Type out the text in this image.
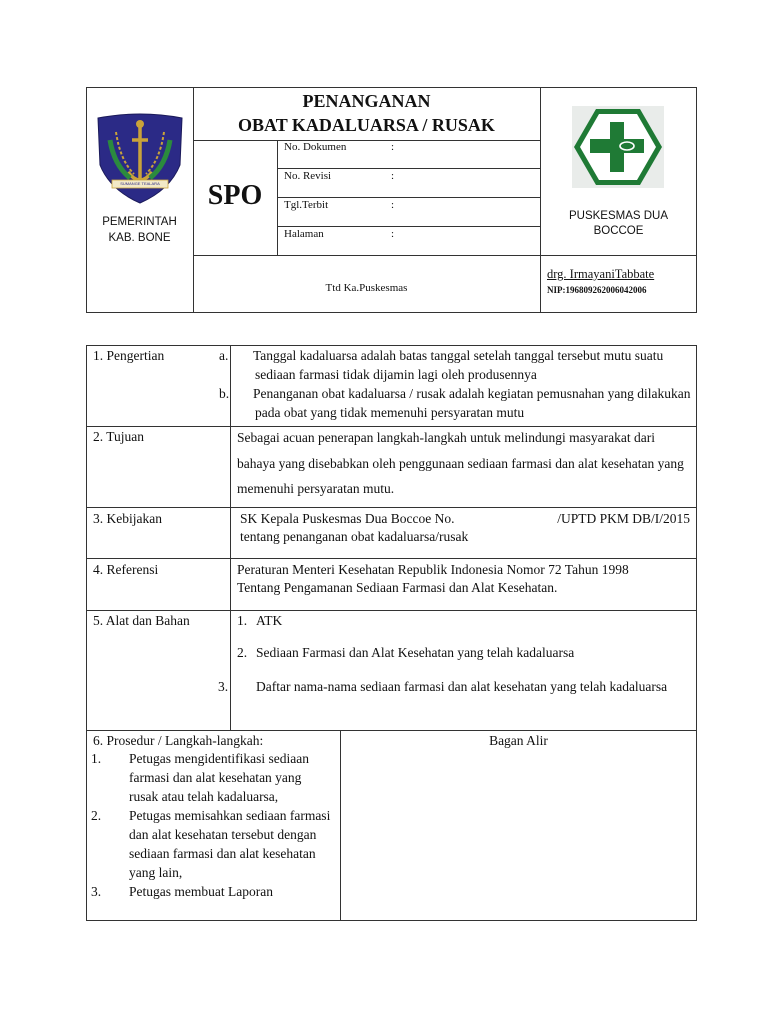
SUMANGE TEALARA
PEMERINTAH
KAB. BONE
PENANGANAN
OBAT KADALUARSA / RUSAK
SPO
No. Dokumen	:
No. Revisi	:
Tgl.Terbit	:
Halaman	:
PUSKESMAS DUA
BOCCOE
Ttd Ka.Puskesmas
drg. IrmayaniTabbate
NIP:196809262006042006
1. Pengertian	a. Tanggal kadaluarsa adalah batas tanggal setelah tanggal tersebut mutu suatu sediaan farmasi tidak dijamin lagi oleh produsennya
b. Penanganan obat kadaluarsa / rusak adalah kegiatan pemusnahan yang dilakukan pada obat yang tidak memenuhi persyaratan mutu
2. Tujuan	Sebagai acuan penerapan langkah-langkah untuk melindungi masyarakat dari bahaya yang disebabkan oleh penggunaan sediaan farmasi dan alat kesehatan yang memenuhi persyaratan mutu.
3. Kebijakan	SK Kepala Puskesmas Dua Boccoe No.	/UPTD PKM DB/I/2015
tentang penanganan obat kadaluarsa/rusak
4. Referensi	Peraturan Menteri Kesehatan Republik Indonesia Nomor 72 Tahun 1998
Tentang Pengamanan Sediaan Farmasi dan Alat Kesehatan.
5. Alat dan Bahan	1. ATK
2. Sediaan Farmasi dan Alat Kesehatan yang telah kadaluarsa
3. Daftar nama-nama sediaan farmasi dan alat kesehatan yang telah kadaluarsa
6. Prosedur / Langkah-langkah:	Bagan Alir
1. Petugas mengidentifikasi sediaan farmasi dan alat kesehatan yang rusak atau telah kadaluarsa,
2. Petugas memisahkan sediaan farmasi dan alat kesehatan tersebut dengan sediaan farmasi dan alat kesehatan yang lain,
3. Petugas membuat Laporan
